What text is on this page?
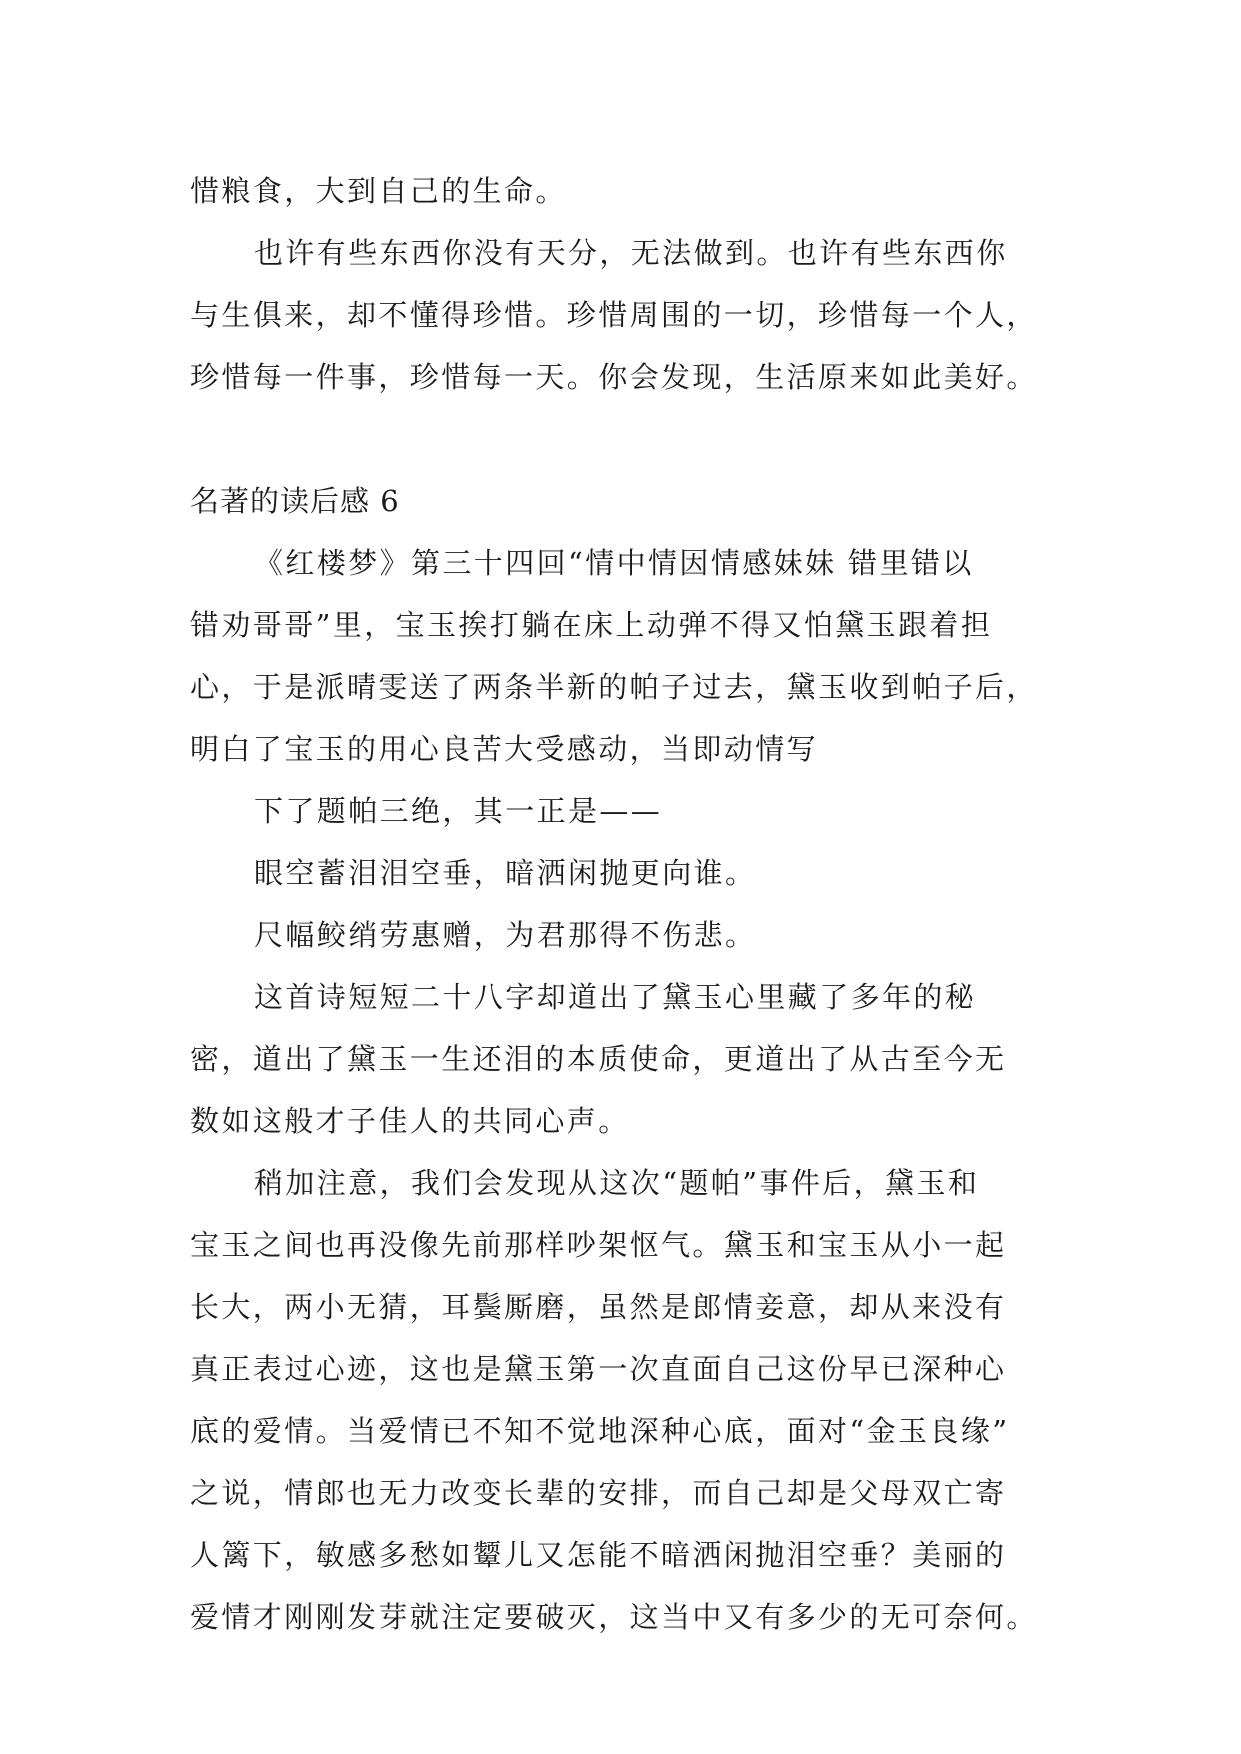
惜粮食，大到自己的生命。
也许有些东西你没有天分，无法做到。也许有些东西你
与生俱来，却不懂得珍惜。珍惜周围的一切，珍惜每一个人，
珍惜每一件事，珍惜每一天。你会发现，生活原来如此美好。
名著的读后感 6
《红楼梦》第三十四回“情中情因情感妹妹 错里错以
错劝哥哥”里，宝玉挨打躺在床上动弹不得又怕黛玉跟着担
心，于是派晴雯送了两条半新的帕子过去，黛玉收到帕子后，
明白了宝玉的用心良苦大受感动，当即动情写
下了题帕三绝，其一正是——
眼空蓄泪泪空垂，暗洒闲抛更向谁。
尺幅鲛绡劳惠赠，为君那得不伤悲。
这首诗短短二十八字却道出了黛玉心里藏了多年的秘
密，道出了黛玉一生还泪的本质使命，更道出了从古至今无
数如这般才子佳人的共同心声。
稍加注意，我们会发现从这次“题帕”事件后，黛玉和
宝玉之间也再没像先前那样吵架怄气。黛玉和宝玉从小一起
长大，两小无猜，耳鬓厮磨，虽然是郎情妾意，却从来没有
真正表过心迹，这也是黛玉第一次直面自己这份早已深种心
底的爱情。当爱情已不知不觉地深种心底，面对“金玉良缘”
之说，情郎也无力改变长辈的安排，而自己却是父母双亡寄
人篱下，敏感多愁如颦儿又怎能不暗洒闲抛泪空垂？美丽的
爱情才刚刚发芽就注定要破灭，这当中又有多少的无可奈何。
